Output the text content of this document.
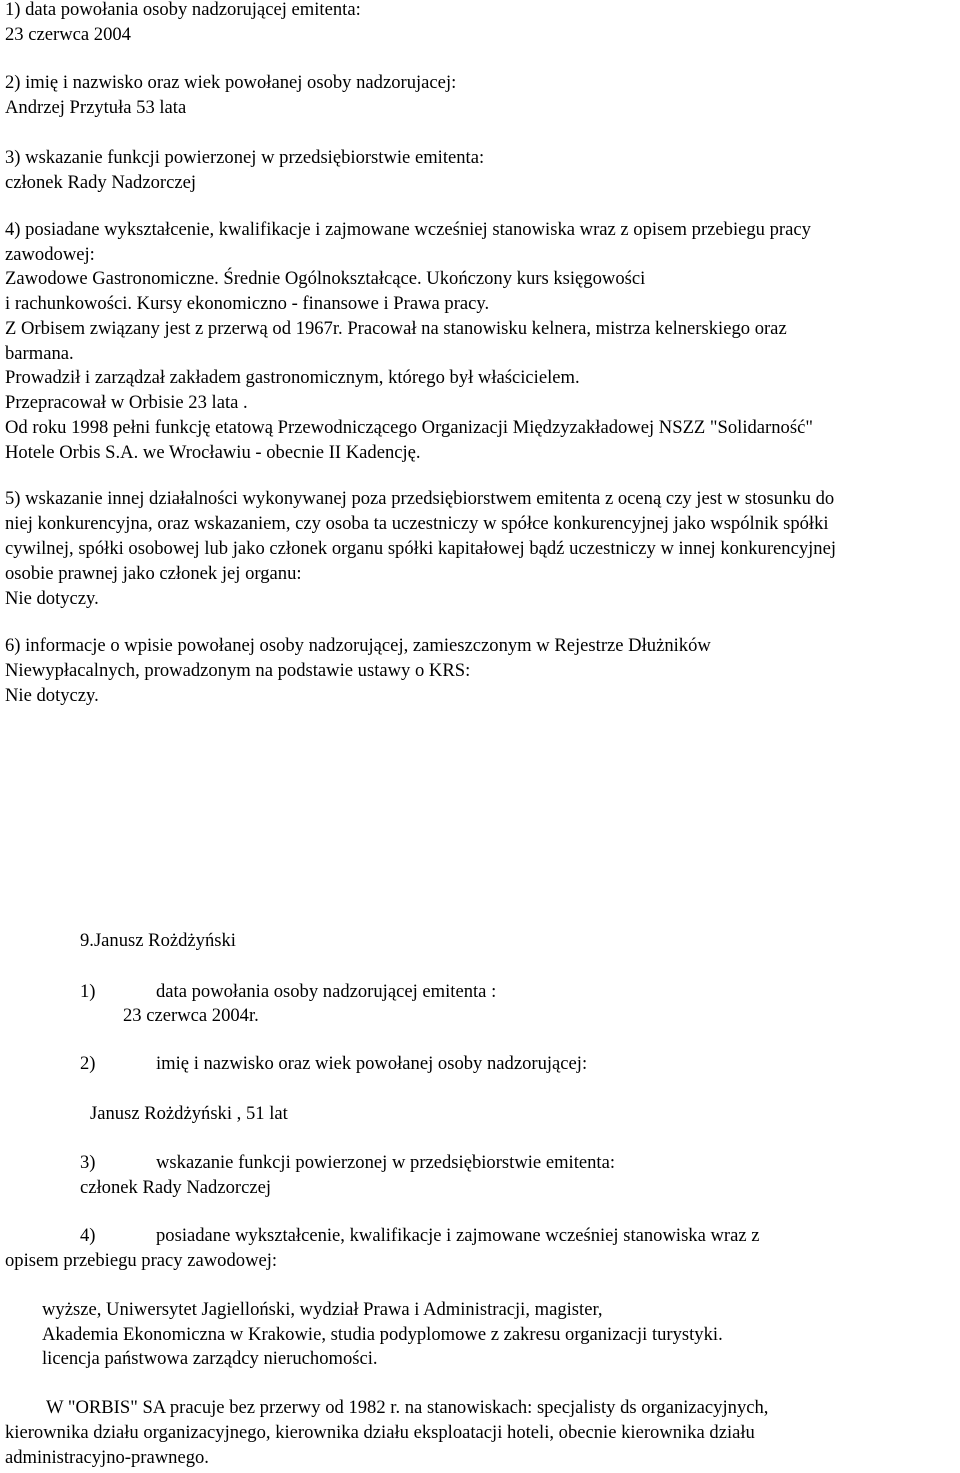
1) data powołania osoby nadzorującej emitenta:
23 czerwca 2004
2) imię i nazwisko oraz wiek powołanej osoby nadzorujacej:
Andrzej Przytuła 53 lata
3) wskazanie funkcji powierzonej w przedsiębiorstwie emitenta:
członek Rady Nadzorczej
4) posiadane wykształcenie, kwalifikacje i zajmowane wcześniej stanowiska wraz z opisem przebiegu pracy
zawodowej:
Zawodowe Gastronomiczne. Średnie Ogólnokształcące. Ukończony kurs księgowości
i rachunkowości. Kursy ekonomiczno - finansowe i Prawa pracy.
Z Orbisem związany jest z przerwą od 1967r. Pracował na stanowisku kelnera, mistrza kelnerskiego oraz
barmana.
Prowadził i zarządzał zakładem gastronomicznym, którego był właścicielem.
Przepracował w Orbisie 23 lata .
Od roku 1998 pełni funkcję etatową Przewodniczącego Organizacji Międzyzakładowej NSZZ "Solidarność"
Hotele Orbis S.A. we Wrocławiu - obecnie II Kadencję.
5) wskazanie innej działalności wykonywanej poza przedsiębiorstwem emitenta z oceną czy jest w stosunku do
niej konkurencyjna, oraz wskazaniem, czy osoba ta uczestniczy w spółce konkurencyjnej jako wspólnik spółki
cywilnej, spółki osobowej lub jako członek organu spółki kapitałowej bądź uczestniczy w innej konkurencyjnej
osobie prawnej jako członek jej organu:
Nie dotyczy.
6) informacje o wpisie powołanej osoby nadzorującej, zamieszczonym w Rejestrze Dłużników
Niewypłacalnych, prowadzonym na podstawie ustawy o KRS:
Nie dotyczy.
9.Janusz Rożdżyński
1)	data powołania osoby nadzorującej emitenta :
23 czerwca 2004r.
2)	imię i nazwisko oraz wiek powołanej osoby nadzorującej:
Janusz Rożdżyński , 51 lat
3)	wskazanie funkcji powierzonej w przedsiębiorstwie emitenta:
członek Rady Nadzorczej
4)	posiadane wykształcenie, kwalifikacje i zajmowane wcześniej stanowiska wraz z
opisem przebiegu pracy zawodowej:
wyższe, Uniwersytet Jagielloński, wydział Prawa i Administracji, magister,
Akademia Ekonomiczna w Krakowie, studia podyplomowe z zakresu organizacji turystyki.
licencja państwowa zarządcy nieruchomości.
W "ORBIS" SA pracuje bez przerwy od 1982 r. na stanowiskach: specjalisty ds organizacyjnych,
kierownika działu organizacyjnego, kierownika działu eksploatacji hoteli, obecnie kierownika działu
administracyjno-prawnego.
